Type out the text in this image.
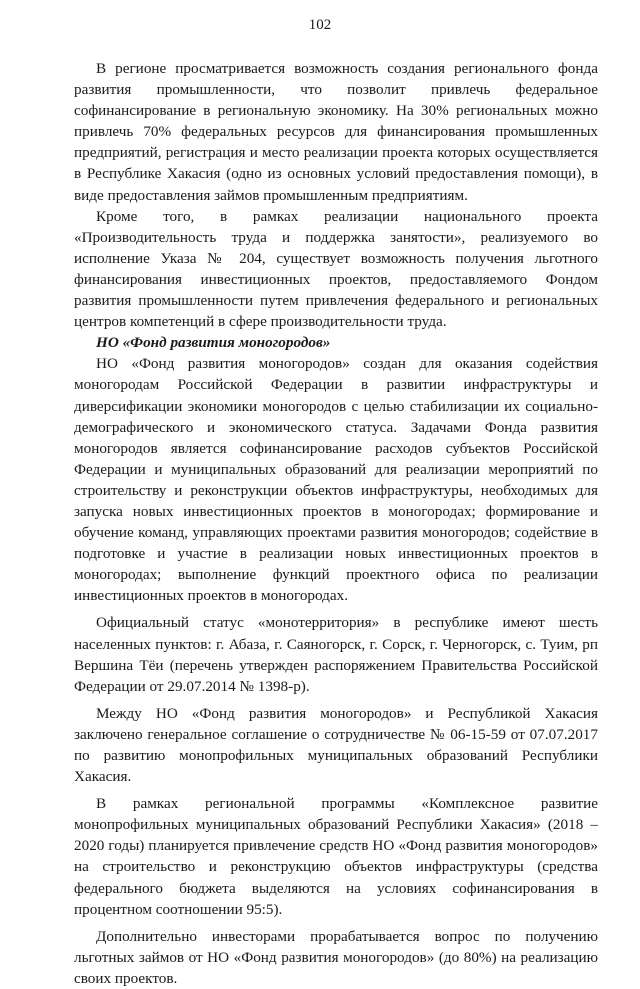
102

В регионе просматривается возможность создания регионального фонда развития промышленности, что позволит привлечь федеральное софинансирование в региональную экономику. На 30% региональных можно привлечь 70% федеральных ресурсов для финансирования промышленных предприятий, регистрация и место реализации проекта которых осуществляется в Республике Хакасия (одно из основных условий предоставления помощи), в виде предоставления займов промышленным предприятиям.

Кроме того, в рамках реализации национального проекта «Производительность труда и поддержка занятости», реализуемого во исполнение Указа № 204, существует возможность получения льготного финансирования инвестиционных проектов, предоставляемого Фондом развития промышленности путем привлечения федерального и региональных центров компетенций в сфере производительности труда.

НО «Фонд развития моногородов»

НО «Фонд развития моногородов» создан для оказания содействия моногородам Российской Федерации в развитии инфраструктуры и диверсификации экономики моногородов с целью стабилизации их социально-демографического и экономического статуса. Задачами Фонда развития моногородов является софинансирование расходов субъектов Российской Федерации и муниципальных образований для реализации мероприятий по строительству и реконструкции объектов инфраструктуры, необходимых для запуска новых инвестиционных проектов в моногородах; формирование и обучение команд, управляющих проектами развития моногородов; содействие в подготовке и участие в реализации новых инвестиционных проектов в моногородах; выполнение функций проектного офиса по реализации инвестиционных проектов в моногородах.

Официальный статус «монотерритория» в республике имеют шесть населенных пунктов: г. Абаза, г. Саяногорск, г. Сорск, г. Черногорск, с. Туим, рп Вершина Тёи (перечень утвержден распоряжением Правительства Российской Федерации от 29.07.2014 № 1398-р).

Между НО «Фонд развития моногородов» и Республикой Хакасия заключено генеральное соглашение о сотрудничестве № 06-15-59 от 07.07.2017 по развитию монопрофильных муниципальных образований Республики Хакасия.

В рамках региональной программы «Комплексное развитие монопрофильных муниципальных образований Республики Хакасия» (2018 – 2020 годы) планируется привлечение средств НО «Фонд развития моногородов» на строительство и реконструкцию объектов инфраструктуры (средства федерального бюджета выделяются на условиях софинансирования в процентном соотношении 95:5).

Дополнительно инвесторами прорабатывается вопрос по получению льготных займов от НО «Фонд развития моногородов» (до 80%) на реализацию своих проектов.
